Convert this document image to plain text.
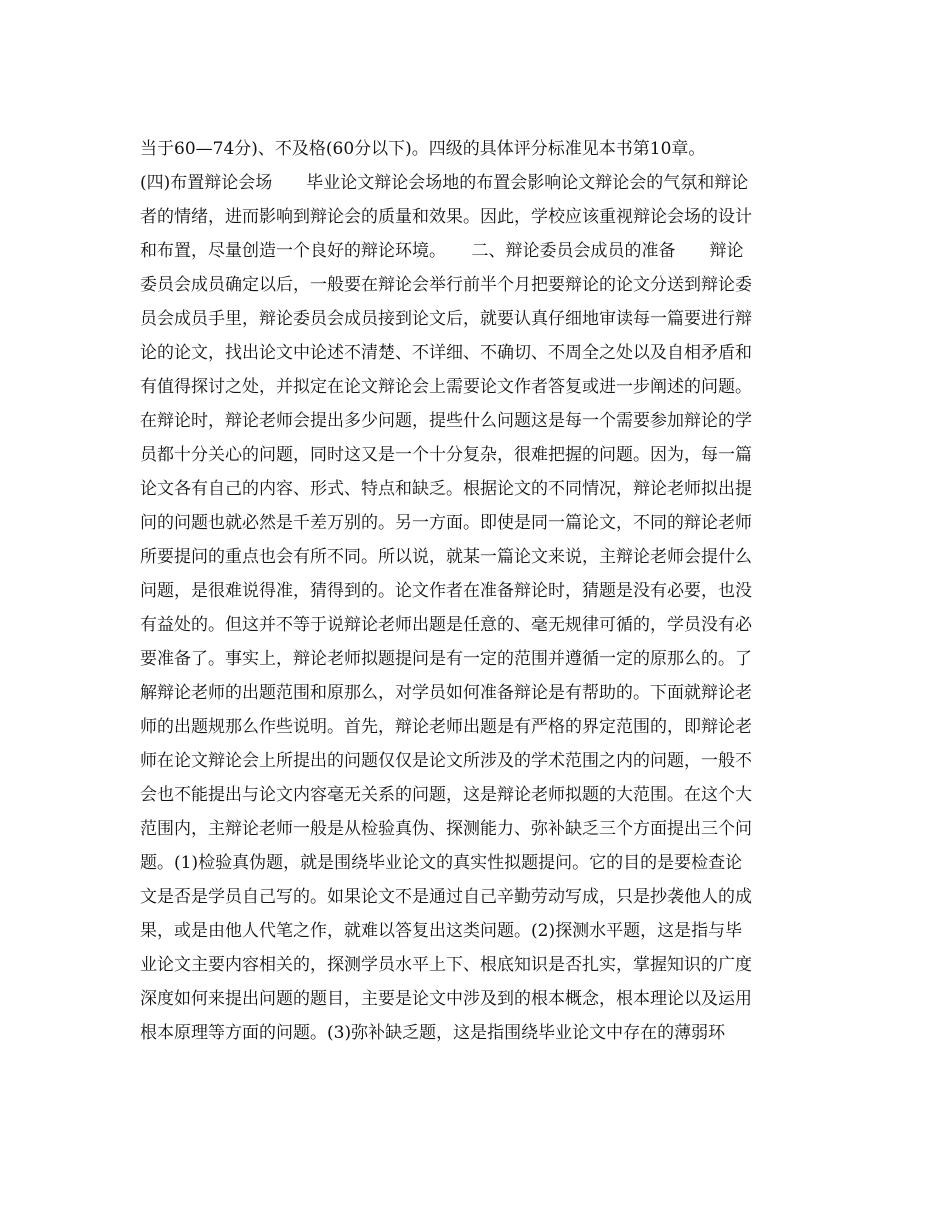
当于60—74分)、不及格(60分以下)。四级的具体评分标准见本书第10章。
(四)布置辩论会场　　毕业论文辩论会场地的布置会影响论文辩论会的气氛和辩论
者的情绪，进而影响到辩论会的质量和效果。因此，学校应该重视辩论会场的设计
和布置，尽量创造一个良好的辩论环境。　　二、辩论委员会成员的准备　　辩论
委员会成员确定以后，一般要在辩论会举行前半个月把要辩论的论文分送到辩论委
员会成员手里，辩论委员会成员接到论文后，就要认真仔细地审读每一篇要进行辩
论的论文，找出论文中论述不清楚、不详细、不确切、不周全之处以及自相矛盾和
有值得探讨之处，并拟定在论文辩论会上需要论文作者答复或进一步阐述的问题。
在辩论时，辩论老师会提出多少问题，提些什么问题这是每一个需要参加辩论的学
员都十分关心的问题，同时这又是一个十分复杂，很难把握的问题。因为，每一篇
论文各有自己的内容、形式、特点和缺乏。根据论文的不同情况，辩论老师拟出提
问的问题也就必然是千差万别的。另一方面。即使是同一篇论文，不同的辩论老师
所要提问的重点也会有所不同。所以说，就某一篇论文来说，主辩论老师会提什么
问题，是很难说得准，猜得到的。论文作者在准备辩论时，猜题是没有必要，也没
有益处的。但这并不等于说辩论老师出题是任意的、毫无规律可循的，学员没有必
要准备了。事实上，辩论老师拟题提问是有一定的范围并遵循一定的原那么的。了
解辩论老师的出题范围和原那么，对学员如何准备辩论是有帮助的。下面就辩论老
师的出题规那么作些说明。首先，辩论老师出题是有严格的界定范围的，即辩论老
师在论文辩论会上所提出的问题仅仅是论文所涉及的学术范围之内的问题，一般不
会也不能提出与论文内容毫无关系的问题，这是辩论老师拟题的大范围。在这个大
范围内，主辩论老师一般是从检验真伪、探测能力、弥补缺乏三个方面提出三个问
题。(1)检验真伪题，就是围绕毕业论文的真实性拟题提问。它的目的是要检查论
文是否是学员自己写的。如果论文不是通过自己辛勤劳动写成，只是抄袭他人的成
果，或是由他人代笔之作，就难以答复出这类问题。(2)探测水平题，这是指与毕
业论文主要内容相关的，探测学员水平上下、根底知识是否扎实，掌握知识的广度
深度如何来提出问题的题目，主要是论文中涉及到的根本概念，根本理论以及运用
根本原理等方面的问题。(3)弥补缺乏题，这是指围绕毕业论文中存在的薄弱环
